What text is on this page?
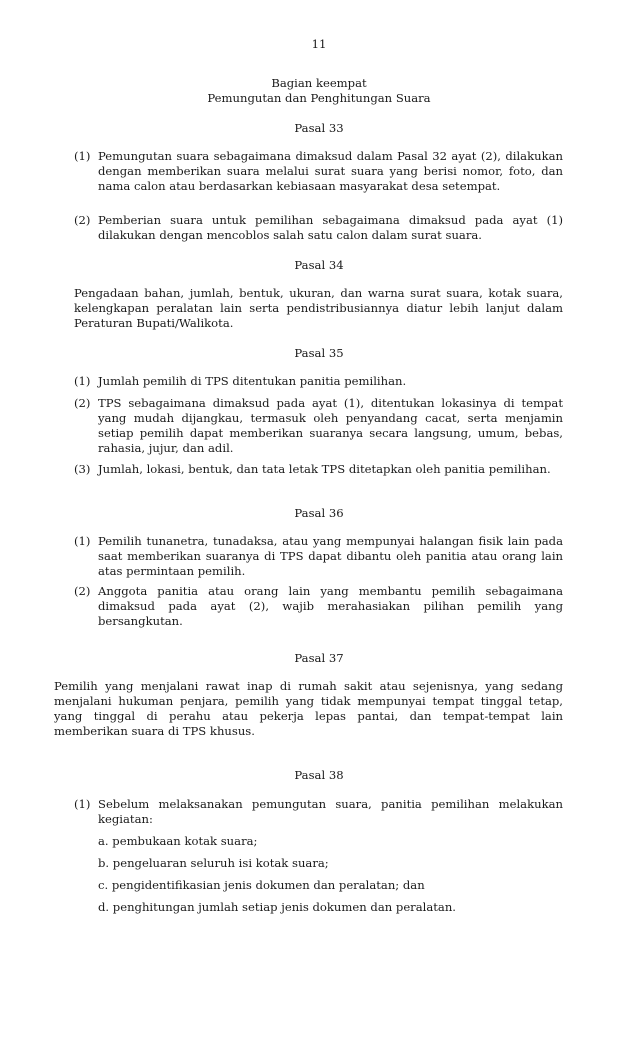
11
Bagian keempat
Pemungutan dan Penghitungan Suara
Pasal 33
(1) Pemungutan suara sebagaimana dimaksud dalam Pasal 32 ayat (2), dilakukan dengan memberikan suara melalui surat suara yang berisi nomor, foto, dan nama calon atau berdasarkan kebiasaan masyarakat desa setempat.
(2) Pemberian suara untuk pemilihan sebagaimana dimaksud pada ayat (1) dilakukan dengan mencoblos salah satu calon dalam surat suara.
Pasal 34
Pengadaan bahan, jumlah, bentuk, ukuran, dan warna surat suara, kotak suara, kelengkapan peralatan lain serta pendistribusiannya diatur lebih lanjut dalam Peraturan Bupati/Walikota.
Pasal 35
(1) Jumlah pemilih di TPS ditentukan panitia pemilihan.
(2) TPS sebagaimana dimaksud pada ayat (1), ditentukan lokasinya di tempat yang mudah dijangkau, termasuk oleh penyandang cacat, serta menjamin setiap pemilih dapat memberikan suaranya secara langsung, umum, bebas, rahasia, jujur, dan adil.
(3) Jumlah, lokasi, bentuk, dan tata letak TPS ditetapkan oleh panitia pemilihan.
Pasal 36
(1) Pemilih tunanetra, tunadaksa, atau yang mempunyai halangan fisik lain pada saat memberikan suaranya di TPS dapat dibantu oleh panitia atau orang lain atas permintaan pemilih.
(2) Anggota panitia atau orang lain yang membantu pemilih sebagaimana dimaksud pada ayat (2), wajib merahasiakan pilihan pemilih yang bersangkutan.
Pasal 37
Pemilih yang menjalani rawat inap di rumah sakit atau sejenisnya, yang sedang menjalani hukuman penjara, pemilih yang tidak mempunyai tempat tinggal tetap, yang tinggal di perahu atau pekerja lepas pantai, dan tempat-tempat lain memberikan suara di TPS khusus.
Pasal 38
(1) Sebelum melaksanakan pemungutan suara, panitia pemilihan melakukan kegiatan:
a. pembukaan kotak suara;
b. pengeluaran seluruh isi kotak suara;
c. pengidentifikasian jenis dokumen dan peralatan; dan
d. penghitungan jumlah setiap jenis dokumen dan peralatan.
